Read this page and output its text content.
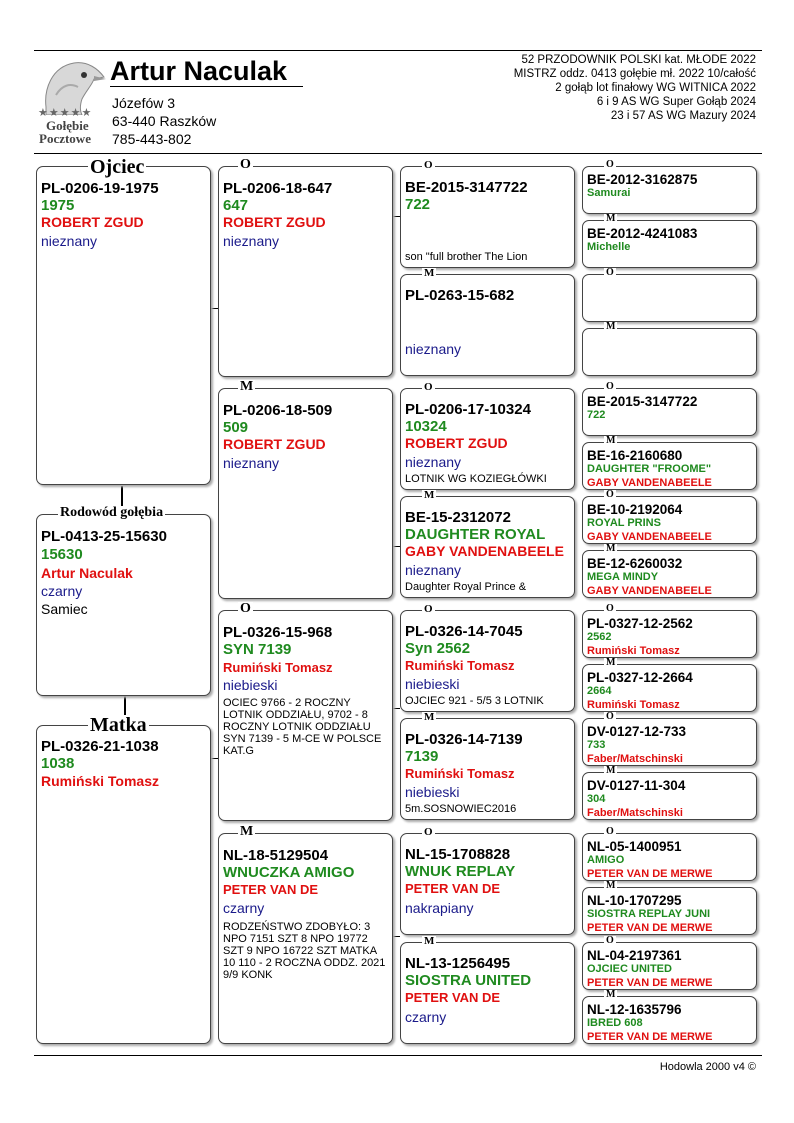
★★★★★
Gołębie
Pocztowe
Artur Naculak
Józefów 3
63-440 Raszków
785-443-802
52 PRZODOWNIK POLSKI kat. MŁODE 2022
MISTRZ oddz. 0413 gołębie mł. 2022 10/całość
2 gołąb lot finałowy WG WITNICA 2022
6 i 9 AS WG Super Gołąb 2024
23 i 57 AS WG Mazury 2024
PL-0206-19-1975
1975
ROBERT ZGUD
nieznany
Ojciec
PL-0413-25-15630
15630
Artur Naculak
czarny
Samiec
Rodowód gołębia
PL-0326-21-1038
1038
Rumiński Tomasz
Matka
PL-0206-18-647
647
ROBERT ZGUD
nieznany
O
PL-0206-18-509
509
ROBERT ZGUD
nieznany
M
PL-0326-15-968
SYN 7139
Rumiński Tomasz
niebieski
OCIEC 9766 - 2 ROCZNY LOTNIK ODDZIAŁU, 9702 - 8 ROCZNY LOTNIK ODDZIAŁU SYN 7139 - 5 M-CE W POLSCE KAT.G
O
NL-18-5129504
WNUCZKA AMIGO
PETER VAN DE
czarny
RODZEŃSTWO ZDOBYŁO: 3 NPO 7151 SZT 8 NPO 19772 SZT 9 NPO 16722 SZT MATKA 10 110 - 2 ROCZNA ODDZ. 2021 9/9 KONK
M
BE-2015-3147722
722
son "full brother The Lion
O
PL-0263-15-682
nieznany
M
PL-0206-17-10324
10324
ROBERT ZGUD
nieznany
LOTNIK WG KOZIEGŁÓWKI
O
BE-15-2312072
DAUGHTER ROYAL
GABY VANDENABEELE
nieznany
Daughter Royal Prince &
M
PL-0326-14-7045
Syn 2562
Rumiński Tomasz
niebieski
OJCIEC 921 - 5/5 3 LOTNIK
O
PL-0326-14-7139
7139
Rumiński Tomasz
niebieski
5m.SOSNOWIEC2016
M
NL-15-1708828
WNUK REPLAY
PETER VAN DE
nakrapiany
O
NL-13-1256495
SIOSTRA UNITED
PETER VAN DE
czarny
M
BE-2012-3162875
Samurai
O
BE-2012-4241083
Michelle
M
O
M
BE-2015-3147722
722
O
BE-16-2160680
DAUGHTER "FROOME"
GABY VANDENABEELE
M
BE-10-2192064
ROYAL PRINS
GABY VANDENABEELE
O
BE-12-6260032
MEGA MINDY
GABY VANDENABEELE
M
PL-0327-12-2562
2562
Rumiński Tomasz
O
PL-0327-12-2664
2664
Rumiński Tomasz
M
DV-0127-12-733
733
Faber/Matschinski
O
DV-0127-11-304
304
Faber/Matschinski
M
NL-05-1400951
AMIGO
PETER VAN DE MERWE
O
NL-10-1707295
SIOSTRA REPLAY JUNI
PETER VAN DE MERWE
M
NL-04-2197361
OJCIEC UNITED
PETER VAN DE MERWE
O
NL-12-1635796
IBRED 608
PETER VAN DE MERWE
M
Hodowla 2000 v4 ©
